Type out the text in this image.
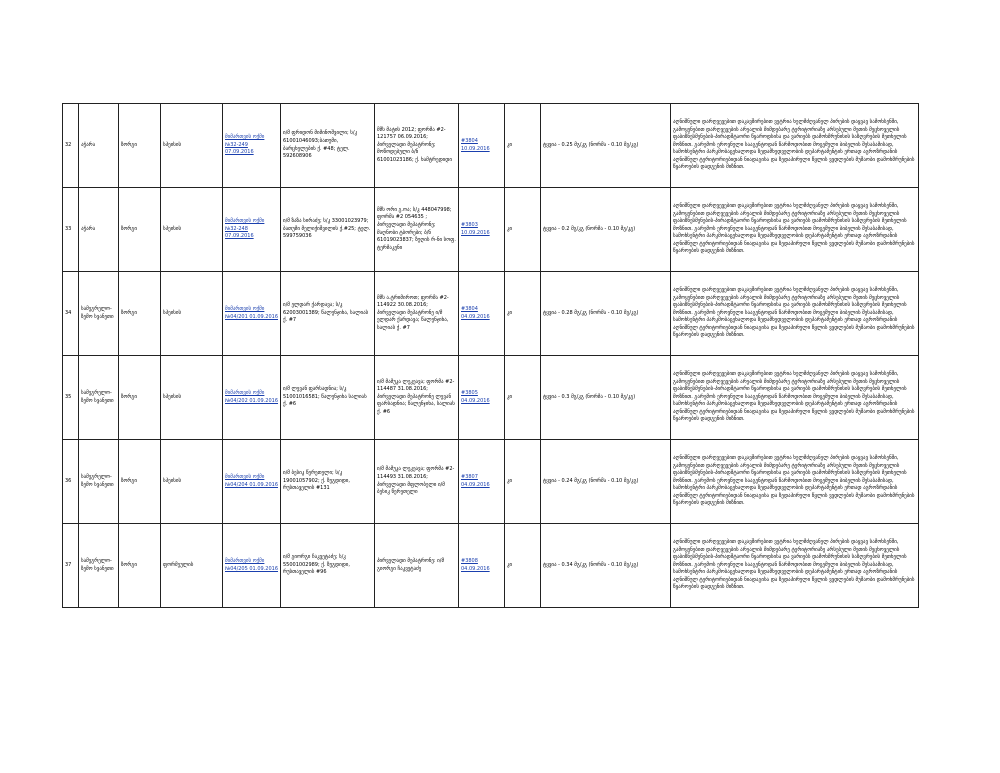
32	აჭარა	ზორგი	სპეისის	მიმართვის ოქმი №32-249 07.09.2016	ი/მ ფრიდონ მიმინოშვილი; ს/კ 61001046093;ბათუმი, ბარცხელების ქ. #48; ტელ. 592608906	მმს მატის 2012; ფორმა #2-121757 06.09.2016; პირველადი მეპატრონე; მოწოდებული ბ/ნ 61001023186; ქ. ხამტრედიდი	#3804 10.09.2016	კი	ტყვია - 0.25 მგ/კგ (ნორმა - 0.10 მგ/კგ)	აღნიშნული დარღვევებით დაკავშირებით ვეტრია ხელმძღვანელ პირების დაყვავ სამოხსენში, გამოყენებით დარღვევების არეალის მიმდებარე ტერიტორიაზე არსებული მეთის მეცხოველის ფაბიზნესმენების-პირადშტაორი წყაროდსისა და ვარიებს დამოხმრუნისის საზღვრების მეთხელის მოზნით. გარემოს ეროვნული სააგენტოდან წარმოდობით მოცემული ბიბელის შესაბამისად, სამოხსენტრი პარკმობაცეხალოდა ზედამხედველობის დეპარტამენტის ერთად აგროზრდანის აღნიშნულ ტერიტორიებიდან ნიადაგისა და ზედაპირული წყლის ვვდლების მუშაობი დამოხმრუნების წყაროების დადგენის მიზნით.
33	აჭარა	ზორგი	სპეისის	მიმართვის ოქმი №32-248 07.09.2016	ი/მ ზაზა სირაძე; ს/კ 33001023979; ბათუმი მელიქიშვილის ქ.#25; ტელ. 599759036	მმს ორი გ.ოა; ს/კ 448047998; ფორმა #2 054635 ; პირველადი მეპატრონე; მაღნობი ტბორები; ბ/ნ 61019023837; ზუღის რ-ნი სოფ. ტერმაკენი	#3803 10.09.2016	კი	ტყვია - 0.2 მგ/კგ (ნორმა - 0.10 მგ/კგ)	აღნიშნული დარღვევებით დაკავშირებით ვეტრია ხელმძღვანელ პირების დაყვავ სამოხსენში, გამოყენებით დარღვევების არეალის მიმდებარე ტერიტორიაზე არსებული მეთის მეცხოველის ფაბიზნესმენების-პირადშტაორი წყაროდსისა და ვარიებს დამოხმრუნისის საზღვრების მეთხელის მოზნით. გარემოს ეროვნული სააგენტოდან წარმოდობით მოცემული ბიბელის შესაბამისად, სამოხსენტრი პარკმობაცეხალოდა ზედამხედველობის დეპარტამენტის ერთად აგროზრდანის აღნიშნულ ტერიტორიებიდან ნიადაგისა და ზედაპირული წყლის ვვდლების მუშაობი დამოხმრუნების წყაროების დადგენის მიზნით.
34	სამეგრელო-ზემო სვანეთი	ზორგი	სპეისის	მიმართვის ოქმი №04/201 01.09.2016	ი/მ ელდარ ქარდავა; ს/კ 62003001389; წალენჯიხა, სალიას ქ. #7	მმს ა.ტრიმიროთ; ფორმა #2-114922 30.08.2016; პირველადი მეპატრონე ი/მ ელდარ ქარდავა; წალენჯიხა, სალიას ქ. #7	#3804 04.09.2016	კი	ტყვია - 0.28 მგ/კგ (ნორმა - 0.10 მგ/კგ)	აღნიშნული დარღვევებით დაკავშირებით ვეტრია ხელმძღვანელ პირების დაყვავ სამოხსენში, გამოყენებით დარღვევების არეალის მიმდებარე ტერიტორიაზე არსებული მეთის მეცხოველის ფაბიზნესმენების-პირადშტაორი წყაროდსისა და ვარიებს დამოხმრუნისის საზღვრების მეთხელის მოზნით. გარემოს ეროვნული სააგენტოდან წარმოდობით მოცემული ბიბელის შესაბამისად, სამოხსენტრი პარკმობაცეხალოდა ზედამხედველობის დეპარტამენტის ერთად აგროზრდანის აღნიშნულ ტერიტორიებიდან ნიადაგისა და ზედაპირული წყლის ვვდლების მუშაობი დამოხმრუნების წყაროების დადგენის მიზნით.
35	სამეგრელო-ზემო სვანეთი	ზორგი	სპეისის	მიმართვის ოქმი №04/202 01.09.2016	ი/მ ლევან ფარსადნია; ს/კ 51001016581; წალენჯიხა სალიას ქ. #6	ი/მ მამუკა ლეკეავა; ფორმა #2- 114487 31.08.2016; პირველადი მეპატრონე ლევან ფარსადნია; წალენჯიხა, სალიას ქ. #6	#3805 04.09.2016	კი	ტყვია - 0.3 მგ/კგ (ნორმა - 0.10 მგ/კგ)	აღნიშნული დარღვევებით დაკავშირებით ვეტრია ხელმძღვანელ პირების დაყვავ სამოხსენში, გამოყენებით დარღვევების არეალის მიმდებარე ტერიტორიაზე არსებული მეთის მეცხოველის ფაბიზნესმენების-პირადშტაორი წყაროდსისა და ვარიებს დამოხმრუნისის საზღვრების მეთხელის მოზნით. გარემოს ეროვნული სააგენტოდან წარმოდობით მოცემული ბიბელის შესაბამისად, სამოხსენტრი პარკმობაცეხალოდა ზედამხედველობის დეპარტამენტის ერთად აგროზრდანის აღნიშნულ ტერიტორიებიდან ნიადაგისა და ზედაპირული წყლის ვვდლების მუშაობი დამოხმრუნების წყაროების დადგენის მიზნით.
36	სამეგრელო-ზემო სვანეთი	ზორგი	სპეისის	მიმართვის ოქმი №04/204 01.09.2016	ი/მ ბესიკ წერეთელი; ს/კ 19001057902; ქ. ზუგდიდი, რუსთაველის #131	ი/მ მამუკა ლეკეავა; ფორმა #2- 114493 31.08.2016; პირველადი მფლობელი ი/მ ბესიკ წერეთელი	#3807 04.09.2016	კი	ტყვია - 0.24 მგ/კგ (ნორმა - 0.10 მგ/კგ)	აღნიშნული დარღვევებით დაკავშირებით ვეტრია ხელმძღვანელ პირების დაყვავ სამოხსენში, გამოყენებით დარღვევების არეალის მიმდებარე ტერიტორიაზე არსებული მეთის მეცხოველის ფაბიზნესმენების-პირადშტაორი წყაროდსისა და ვარიებს დამოხმრუნისის საზღვრების მეთხელის მოზნით. გარემოს ეროვნული სააგენტოდან წარმოდობით მოცემული ბიბელის შესაბამისად, სამოხსენტრი პარკმობაცეხალოდა ზედამხედველობის დეპარტამენტის ერთად აგროზრდანის აღნიშნულ ტერიტორიებიდან ნიადაგისა და ზედაპირული წყლის ვვდლების მუშაობი დამოხმრუნების წყაროების დადგენის მიზნით.
37	სამეგრელო-ზემო სვანეთი	ზორგი	ფორმეულის	მიმართვის ოქმი №04/205 01.09.2016	ი/მ გიორგი ჩაკვეტაძე; ს/კ 55001002989; ქ. ზუგდიდი, რუსთაველის #96	პირველადი მეპატრონე: ი/მ გიორგი ჩაკვეტაძე	#3808 04.09.2016	კი	ტყვია - 0.34 მგ/კგ (ნორმა - 0.10 მგ/კგ)	აღნიშნული დარღვევებით დაკავშირებით ვეტრია ხელმძღვანელ პირების დაყვავ სამოხსენში, გამოყენებით დარღვევების არეალის მიმდებარე ტერიტორიაზე არსებული მეთის მეცხოველის ფაბიზნესმენების-პირადშტაორი წყაროდსისა და ვარიებს დამოხმრუნისის საზღვრების მეთხელის მოზნით. გარემოს ეროვნული სააგენტოდან წარმოდობით მოცემული ბიბელის შესაბამისად, სამოხსენტრი პარკმობაცეხალოდა ზედამხედველობის დეპარტამენტის ერთად აგროზრდანის აღნიშნულ ტერიტორიებიდან ნიადაგისა და ზედაპირული წყლის ვვდლების მუშაობი დამოხმრუნების წყაროების დადგენის მიზნით.
